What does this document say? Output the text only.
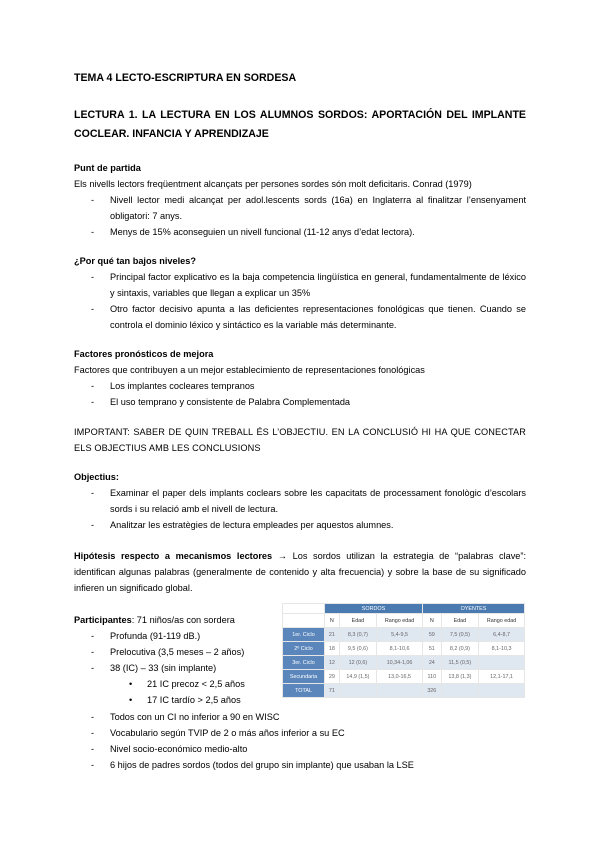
TEMA 4 LECTO-ESCRIPTURA EN SORDESA
LECTURA 1. LA LECTURA EN LOS ALUMNOS SORDOS: APORTACIÓN DEL IMPLANTE COCLEAR. INFANCIA Y APRENDIZAJE
Punt de partida
Els nivells lectors freqüentment alcançats per persones sordes són molt deficitaris. Conrad (1979)
- Nivell lector medi alcançat per adol.lescents sords (16a) en Inglaterra al finalitzar l’ensenyament obligatori: 7 anys.
- Menys de 15% aconseguien un nivell funcional (11-12 anys d’edat lectora).
¿Por qué tan bajos niveles?
- Principal factor explicativo es la baja competencia lingüística en general, fundamentalmente de léxico y sintaxis, variables que llegan a explicar un 35%
- Otro factor decisivo apunta a las deficientes representaciones fonológicas que tienen. Cuando se controla el dominio léxico y sintáctico es la variable más determinante.
Factores pronósticos de mejora
Factores que contribuyen a un mejor establecimiento de representaciones fonológicas
- Los implantes cocleares tempranos
- El uso temprano y consistente de Palabra Complementada
IMPORTANT: SABER DE QUIN TREBALL ÉS L’OBJECTIU. EN LA CONCLUSIÓ HI HA QUE CONECTAR ELS OBJECTIUS AMB LES CONCLUSIONS
Objectius:
- Examinar el paper dels implants coclears sobre les capacitats de processament fonològic d’escolars sords i su relació amb el nivell de lectura.
- Analitzar les estratègies de lectura empleades per aquestos alumnes.
Hipótesis respecto a mecanismos lectores → Los sordos utilizan la estrategia de “palabras clave”: identifican algunas palabras (generalmente de contenido y alta frecuencia) y sobre la base de su significado infieren un significado global.
Participantes: 71 niños/as con sordera
- Profunda (91-119 dB.)
- Prelocutiva (3,5 meses – 2 años)
- 38 (IC) – 33 (sin implante)
• 21 IC precoz < 2,5 años
• 17 IC tardío > 2,5 años
- Todos con un CI no inferior a 90 en WISC
- Vocabulario según TVIP de 2 o más años inferior a su EC
- Nivel socio-económico medio-alto
- 6 hijos de padres sordos (todos del grupo sin implante) que usaban la LSE
	SORDOS			OYENTES		
	N	Edad	Rango edad	N	Edad	Rango edad
1er. Ciclo	21	8,3 (0,7)	5,4-9,5	59	7,5 (0,5)	6,4-8,7
2º Ciclo	18	9,5 (0,6)	8,1-10,6	51	8,2 (0,9)	8,1-10,3
3er. Ciclo	12	12 (0,6)	10,34-1,06	24	11,5 (0,5)	
Secundaria	29	14,9 (1,5)	13,0-16,5	110	13,8 (1,3)	12,1-17,1
TOTAL	71			326		
